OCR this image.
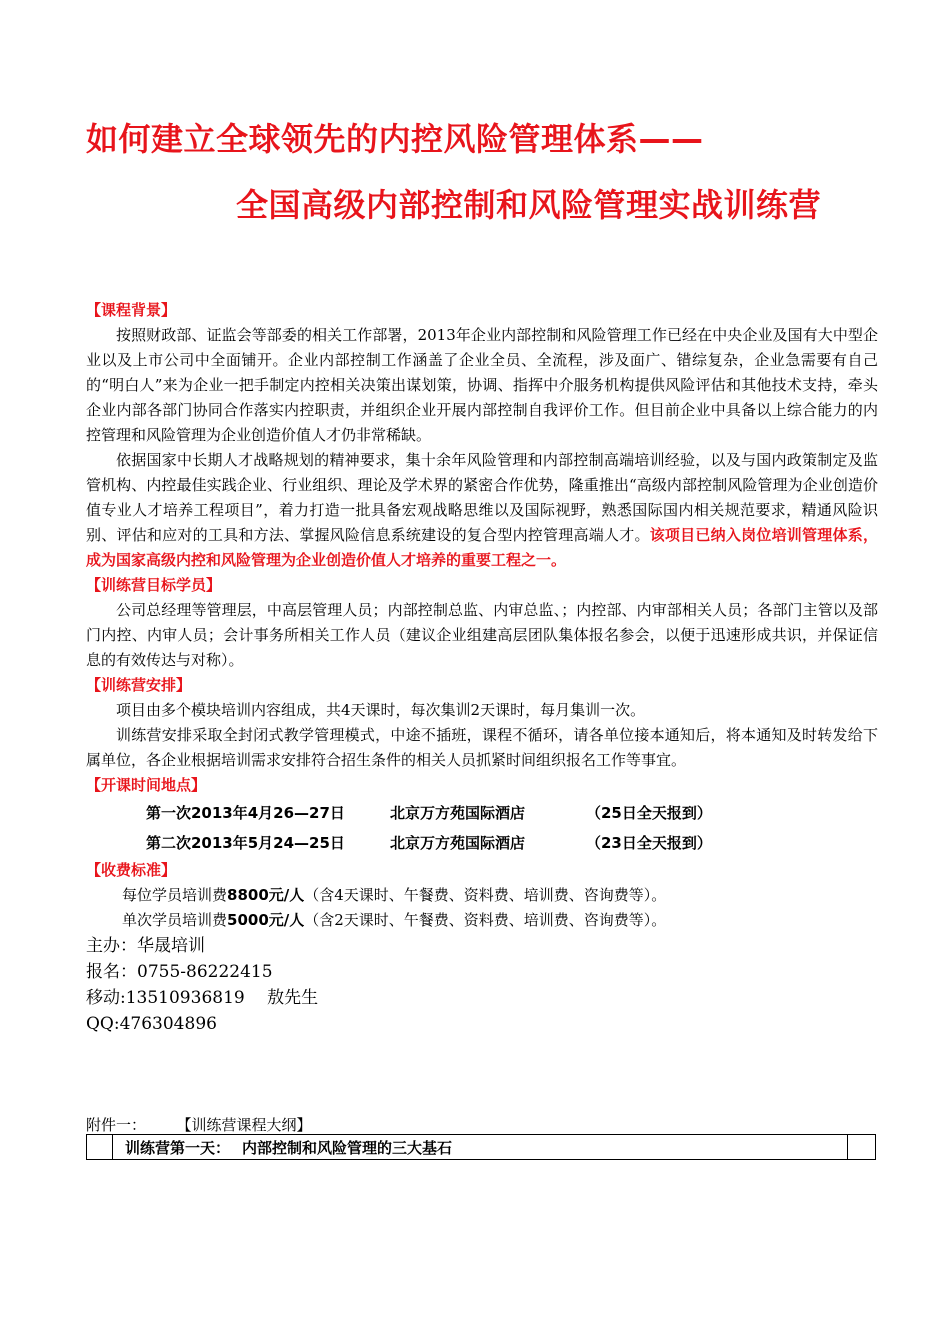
如何建立全球领先的内控风险管理体系——
全国高级内部控制和风险管理实战训练营
【课程背景】

按照财政部、证监会等部委的相关工作部署，2013年企业内部控制和风险管理工作已经在中央企业及国有大中型企业以及上市公司中全面铺开。企业内部控制工作涵盖了企业全员、全流程，涉及面广、错综复杂，企业急需要有自己的“明白人”来为企业一把手制定内控相关决策出谋划策，协调、指挥中介服务机构提供风险评估和其他技术支持，牵头企业内部各部门协同合作落实内控职责，并组织企业开展内部控制自我评价工作。但目前企业中具备以上综合能力的内控管理和风险管理为企业创造价值人才仍非常稀缺。

依据国家中长期人才战略规划的精神要求，集十余年风险管理和内部控制高端培训经验，以及与国内政策制定及监管机构、内控最佳实践企业、行业组织、理论及学术界的紧密合作优势，隆重推出“高级内部控制风险管理为企业创造价值专业人才培养工程项目”，着力打造一批具备宏观战略思维以及国际视野，熟悉国际国内相关规范要求，精通风险识别、评估和应对的工具和方法、掌握风险信息系统建设的复合型内控管理高端人才。该项目已纳入岗位培训管理体系，成为国家高级内控和风险管理为企业创造价值人才培养的重要工程之一。

【训练营目标学员】

公司总经理等管理层，中高层管理人员；内部控制总监、内审总监、；内控部、内审部相关人员；各部门主管以及部门内控、内审人员；会计事务所相关工作人员（建议企业组建高层团队集体报名参会，以便于迅速形成共识，并保证信息的有效传达与对称）。

【训练营安排】

项目由多个模块培训内容组成，共4天课时，每次集训2天课时，每月集训一次。

训练营安排采取全封闭式教学管理模式，中途不插班，课程不循环，请各单位接本通知后，将本通知及时转发给下属单位，各企业根据培训需求安排符合招生条件的相关人员抓紧时间组织报名工作等事宜。

【开课时间地点】
第一次2013年4月26—27日	北京万方苑国际酒店	（25日全天报到）
第二次2013年5月24—25日	北京万方苑国际酒店	（23日全天报到）
【收费标准】

每位学员培训费8800元/人（含4天课时、午餐费、资料费、培训费、咨询费等）。

单次学员培训费5000元/人（含2天课时、午餐费、资料费、培训费、咨询费等）。

主办：华晟培训

报名：0755-86222415

移动:13510936819　 敖先生

QQ:476304896

附件一：	【训练营课程大纲】
训练营第一天： 内部控制和风险管理的三大基石
